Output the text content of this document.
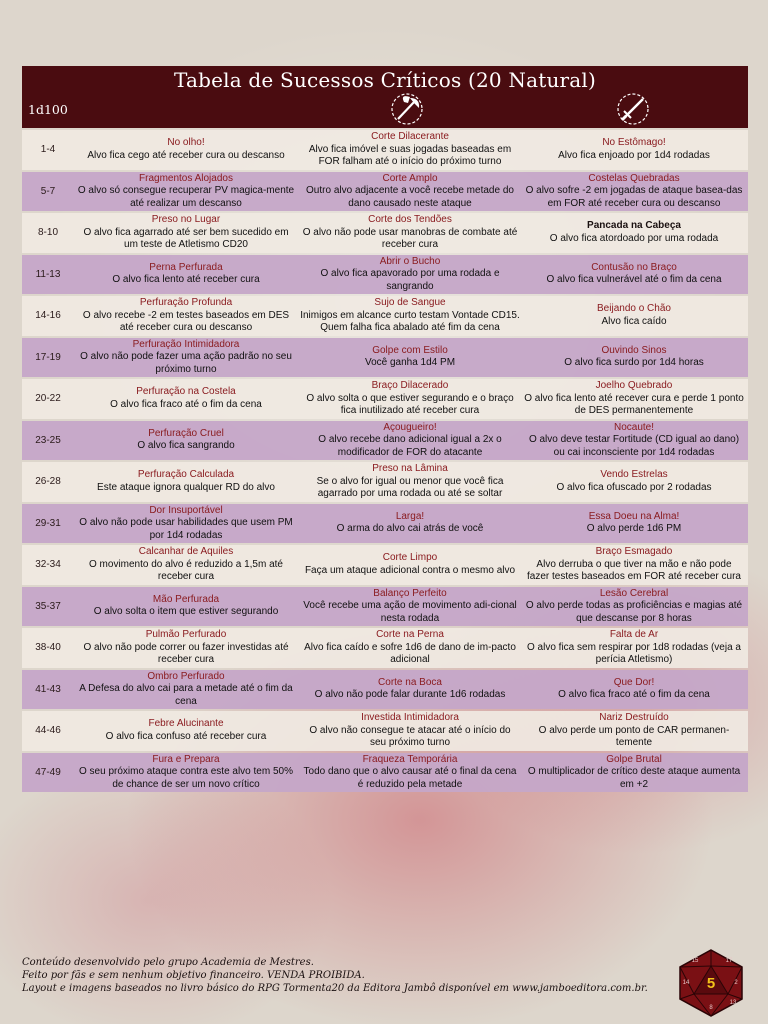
Tabela de Sucessos Críticos (20 Natural)
1d100
1-4
No olho!
Alvo fica cego até receber cura ou descanso
Corte Dilacerante
Alvo fica imóvel e suas jogadas baseadas em FOR falham até o início do próximo turno
No Estômago!
Alvo fica enjoado por 1d4 rodadas
5-7
Fragmentos Alojados
O alvo só consegue recuperar PV magica-mente até realizar um descanso
Corte Amplo
Outro alvo adjacente a você recebe metade do dano causado neste ataque
Costelas Quebradas
O alvo sofre -2 em jogadas de ataque basea-das em FOR até receber cura ou descanso
8-10
Preso no Lugar
O alvo fica agarrado até ser bem sucedido em um teste de Atletismo CD20
Corte dos Tendões
O alvo não pode usar manobras de combate até receber cura
Pancada na Cabeça
O alvo fica atordoado por uma rodada
11-13
Perna Perfurada
O alvo fica lento até receber cura
Abrir o Bucho
O alvo fica apavorado por uma rodada e sangrando
Contusão no Braço
O alvo fica vulnerável até o fim da cena
14-16
Perfuração Profunda
O alvo recebe -2 em testes baseados em DES até receber cura ou descanso
Sujo de Sangue
Inimigos em alcance curto testam Vontade CD15. Quem falha fica abalado até fim da cena
Beijando o Chão
Alvo fica caído
17-19
Perfuração Intimidadora
O alvo não pode fazer uma ação padrão no seu próximo turno
Golpe com Estilo
Você ganha 1d4 PM
Ouvindo Sinos
O alvo fica surdo por 1d4 horas
20-22
Perfuração na Costela
O alvo fica fraco até o fim da cena
Braço Dilacerado
O alvo solta o que estiver segurando e o braço fica inutilizado até receber cura
Joelho Quebrado
O alvo fica lento até recever cura e perde 1 ponto de DES permanentemente
23-25
Perfuração Cruel
O alvo fica sangrando
Açougueiro!
O alvo recebe dano adicional igual a 2x o modificador de FOR do atacante
Nocaute!
O alvo deve testar Fortitude (CD igual ao dano) ou cai inconsciente por 1d4 rodadas
26-28
Perfuração Calculada
Este ataque ignora qualquer RD do alvo
Preso na Lâmina
Se o alvo for igual ou menor que você fica agarrado por uma rodada ou até se soltar
Vendo Estrelas
O alvo fica ofuscado por 2 rodadas
29-31
Dor Insuportável
O alvo não pode usar habilidades que usem PM por 1d4 rodadas
Larga!
O arma do alvo cai atrás de você
Essa Doeu na Alma!
O alvo perde 1d6 PM
32-34
Calcanhar de Aquiles
O movimento do alvo é reduzido a 1,5m até receber cura
Corte Limpo
Faça um ataque adicional contra o mesmo alvo
Braço Esmagado
Alvo derruba o que tiver na mão e não pode fazer testes baseados em FOR até receber cura
35-37
Mão Perfurada
O alvo solta o item que estiver segurando
Balanço Perfeito
Você recebe uma ação de movimento adi-cional nesta rodada
Lesão Cerebral
O alvo perde todas as proficiências e magias até que descanse por 8 horas
38-40
Pulmão Perfurado
O alvo não pode correr ou fazer investidas até receber cura
Corte na Perna
Alvo fica caído e sofre 1d6 de dano de im-pacto adicional
Falta de Ar
O alvo fica sem respirar por 1d8 rodadas (veja a perícia Atletismo)
41-43
Ombro Perfurado
A Defesa do alvo cai para a metade até o fim da cena
Corte na Boca
O alvo não pode falar durante 1d6 rodadas
Que Dor!
O alvo fica fraco até o fim da cena
44-46
Febre Alucinante
O alvo fica confuso até receber cura
Investida Intimidadora
O alvo não consegue te atacar até o início do seu próximo turno
Nariz Destruído
O alvo perde um ponto de CAR permanen-temente
47-49
Fura e Prepara
O seu próximo ataque contra este alvo tem 50% de chance de ser um novo crítico
Fraqueza Temporária
Todo dano que o alvo causar até o final da cena é reduzido pela metade
Golpe Brutal
O multiplicador de crítico deste ataque aumenta em +2
Conteúdo desenvolvido pelo grupo Academia de Mestres.
Feito por fãs e sem nenhum objetivo financeiro. VENDA PROIBIDA.
Layout e imagens baseados no livro básico do RPG Tormenta20 da Editora Jambô disponível em www.jamboeditora.com.br.	5
15	17
14
8
2
13
